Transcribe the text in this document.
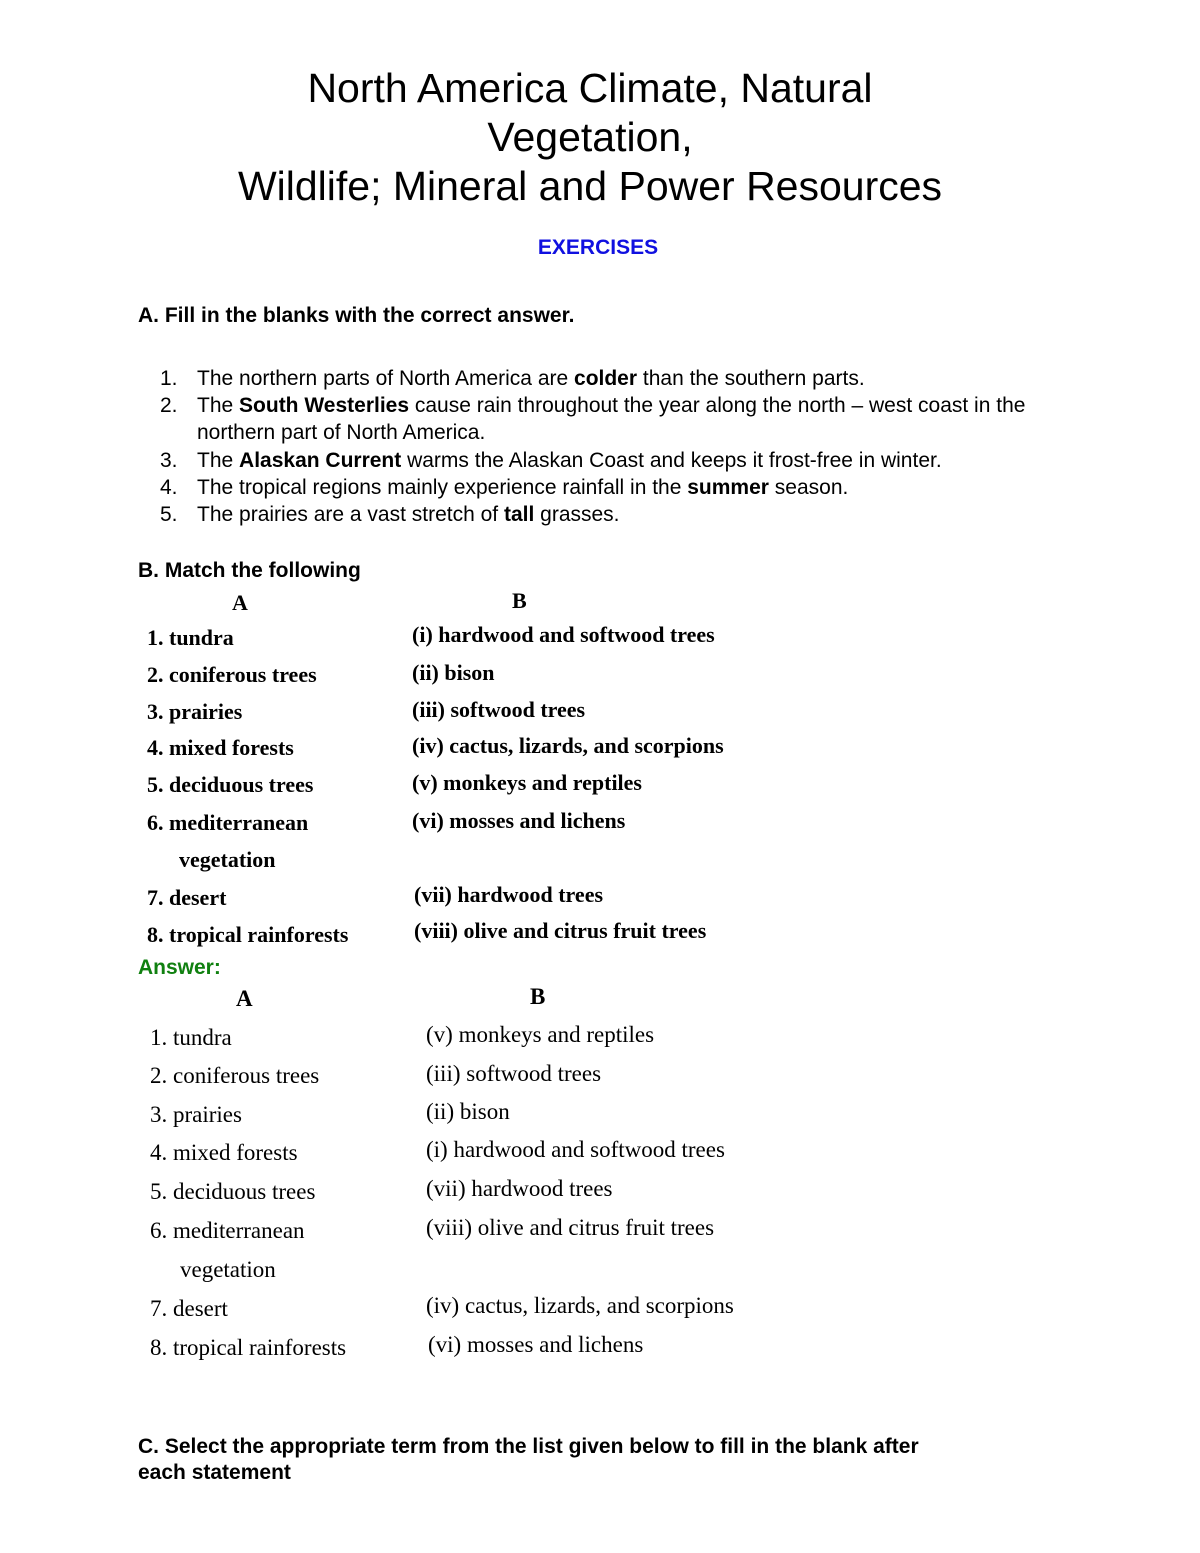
North America Climate, Natural
Vegetation,
Wildlife; Mineral and Power Resources
EXERCISES
A. Fill in the blanks with the correct answer.
1. The northern parts of North America are colder than the southern parts.
2. The South Westerlies cause rain throughout the year along the north – west coast in the northern part of North America.
3. The Alaskan Current warms the Alaskan Coast and keeps it frost-free in winter.
4. The tropical regions mainly experience rainfall in the summer season.
5. The prairies are a vast stretch of tall grasses.
B. Match the following
A	B
1. tundra
2. coniferous trees
3. prairies
4. mixed forests
5. deciduous trees
6. mediterranean
vegetation
7. desert
8. tropical rainforests
(i) hardwood and softwood trees
(ii) bison
(iii) softwood trees
(iv) cactus, lizards, and scorpions
(v) monkeys and reptiles
(vi) mosses and lichens
(vii) hardwood trees
(viii) olive and citrus fruit trees
Answer:
A	B
1. tundra
2. coniferous trees
3. prairies
4. mixed forests
5. deciduous trees
6. mediterranean
vegetation
7. desert
8. tropical rainforests
(v) monkeys and reptiles
(iii) softwood trees
(ii) bison
(i) hardwood and softwood trees
(vii) hardwood trees
(viii) olive and citrus fruit trees
(iv) cactus, lizards, and scorpions
(vi) mosses and lichens
C. Select the appropriate term from the list given below to fill in the blank after
each statement
